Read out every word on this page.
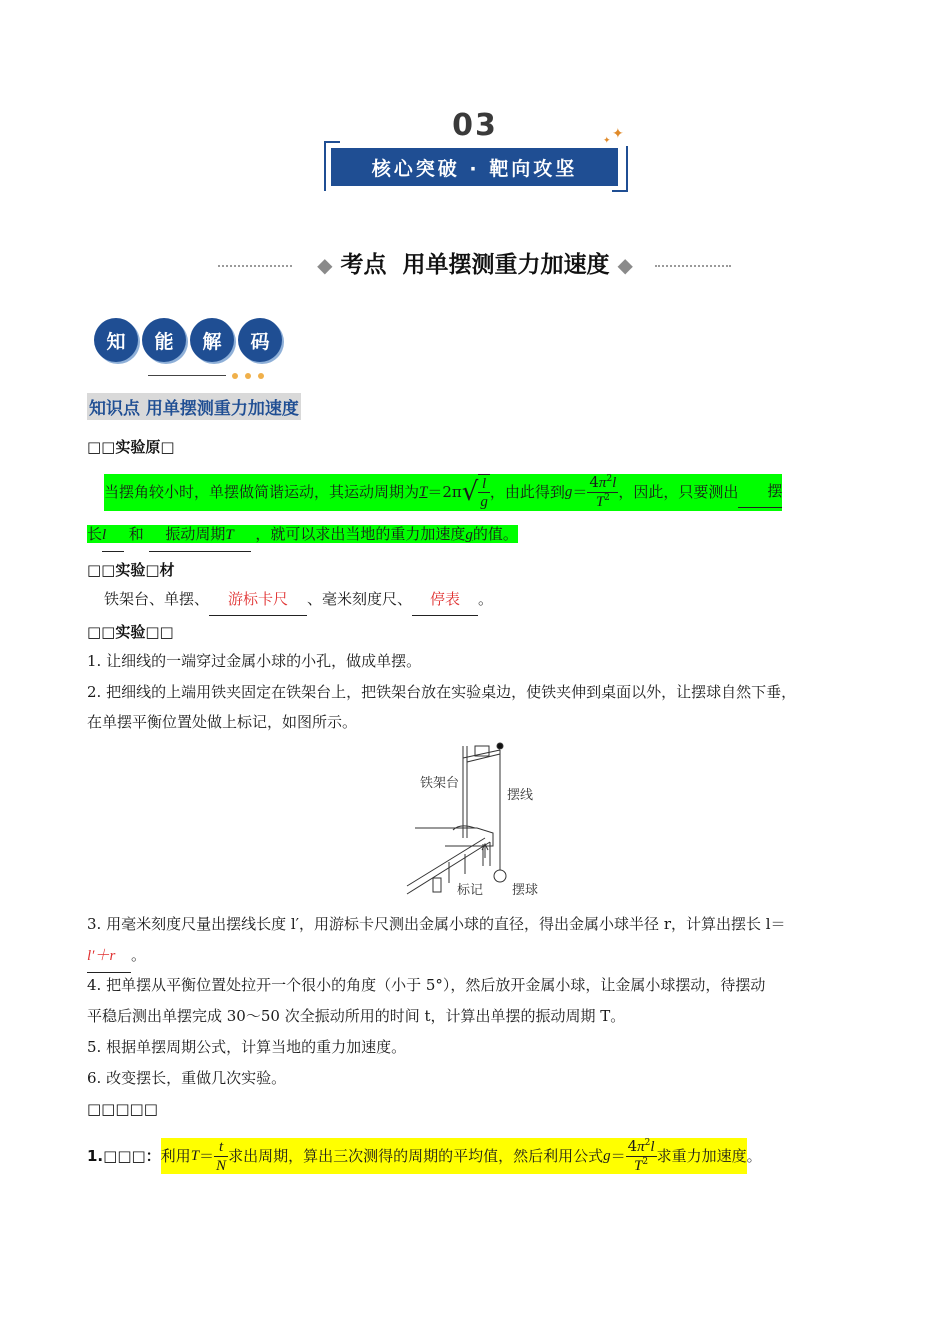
03
核心突破 · 靶向攻坚
✦
✦
◆ 考点  用单摆测重力加速度 ◆
知	能	解	码
知识点 用单摆测重力加速度
□□实验原□
当摆角较小时，单摆做简谐运动，其运动周期为 T ＝2π √ $\frac{l}{g}$ ，由此得到 $g = \frac{4\pi^2l}{T^2}$ ，因此，只要测出	摆
长l 和 振动周期T ，就可以求出当地的重力加速度g的值。
□□实验□材
铁架台、单摆、 游标卡尺 、毫米刻度尺、 停表 。
□□实验□□
1. 让细线的一端穿过金属小球的小孔，做成单摆。
2. 把细线的上端用铁夹固定在铁架台上，把铁架台放在实验桌边，使铁夹伸到桌面以外，让摆球自然下垂，
在单摆平衡位置处做上标记，如图所示。
铁架台
摆线
标记 摆球
3. 用毫米刻度尺量出摆线长度 l′，用游标卡尺测出金属小球的直径，得出金属小球半径 r，计算出摆长 l＝
l′＋r 。
4. 把单摆从平衡位置处拉开一个很小的角度（小于 5°），然后放开金属小球，让金属小球摆动，待摆动
平稳后测出单摆完成 30～50 次全振动所用的时间 t，计算出单摆的振动周期 T。
5. 根据单摆周期公式，计算当地的重力加速度。
6. 改变摆长，重做几次实验。
□□□□□
1. □□□： 利用 $T = \frac{t}{N}$ 求出周期，算出三次测得的周期的平均值，然后利用公式 $g = \frac{4\pi^2l}{T^2}$ 求重力加速度 。
